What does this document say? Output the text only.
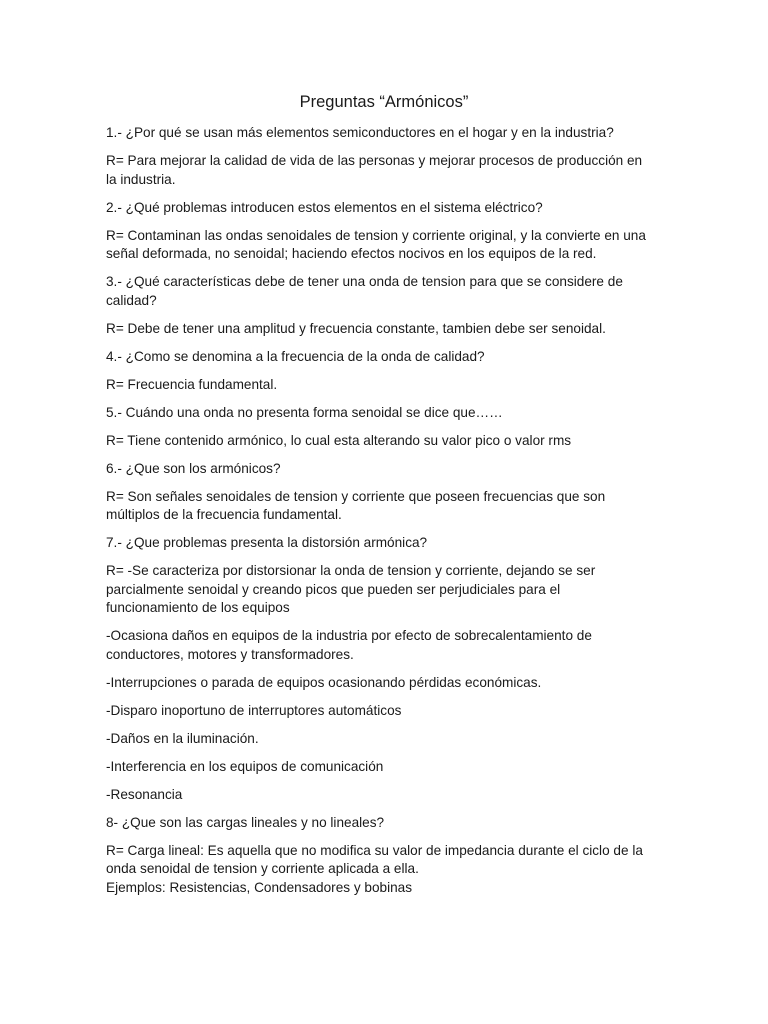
Preguntas “Armónicos”

1.- ¿Por qué se usan más elementos semiconductores en el hogar y en la industria?

R= Para mejorar la calidad de vida de las personas y mejorar procesos de producción en
la industria.

2.- ¿Qué problemas introducen estos elementos en el sistema eléctrico?

R= Contaminan las ondas senoidales de tension y corriente original, y la convierte en una
señal deformada, no senoidal; haciendo efectos nocivos en los equipos de la red.

3.- ¿Qué características debe de tener una onda de tension para que se considere de
calidad?

R= Debe de tener una amplitud y frecuencia constante, tambien debe ser senoidal.

4.- ¿Como se denomina a la frecuencia de la onda de calidad?

R= Frecuencia fundamental.

5.- Cuándo una onda no presenta forma senoidal se dice que……

R= Tiene contenido armónico, lo cual esta alterando su valor pico o valor rms

6.- ¿Que son los armónicos?

R= Son señales senoidales de tension y corriente que poseen frecuencias que son
múltiplos de la frecuencia fundamental.

7.- ¿Que problemas presenta la distorsión armónica?

R= -Se caracteriza por distorsionar la onda de tension y corriente, dejando se ser
parcialmente senoidal y creando picos que pueden ser perjudiciales para el
funcionamiento de los equipos

-Ocasiona daños en equipos de la industria por efecto de sobrecalentamiento de
conductores, motores y transformadores.

-Interrupciones o parada de equipos ocasionando pérdidas económicas.

-Disparo inoportuno de interruptores automáticos

-Daños en la iluminación.

-Interferencia en los equipos de comunicación

-Resonancia

8- ¿Que son las cargas lineales y no lineales?

R= Carga lineal: Es aquella que no modifica su valor de impedancia durante el ciclo de la
onda senoidal de tension y corriente aplicada a ella.
Ejemplos: Resistencias, Condensadores y bobinas
